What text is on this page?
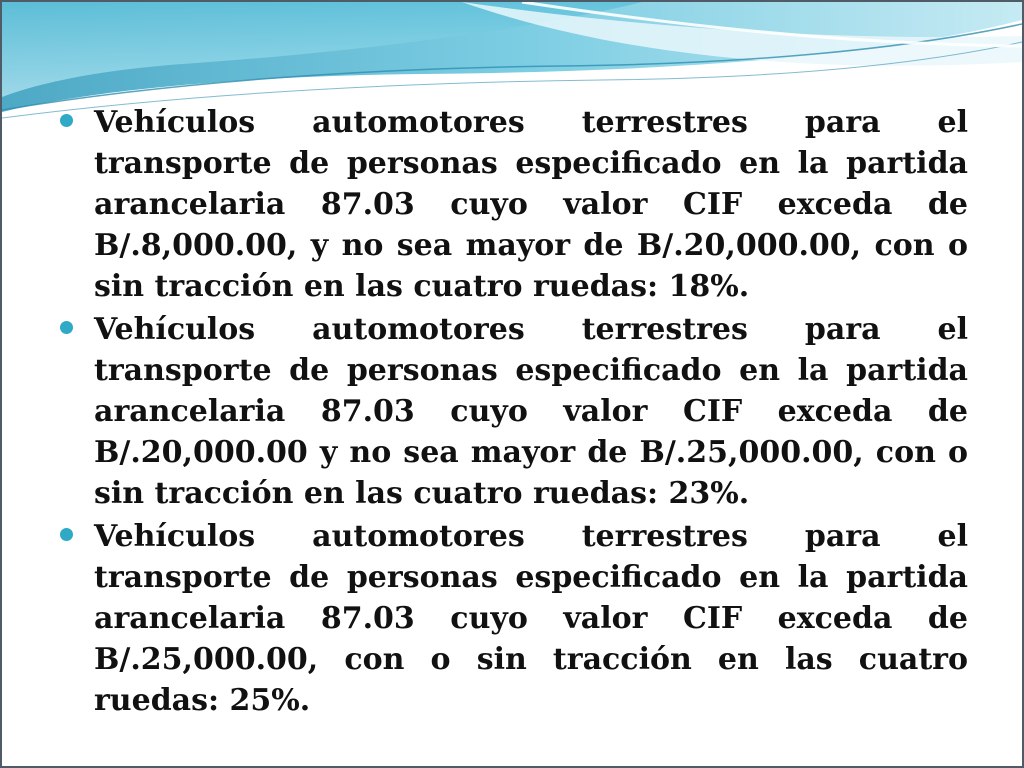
Vehículos automotores terrestres para el transporte de personas especificado en la partida arancelaria 87.03 cuyo valor CIF exceda de B/.8,000.00, y no sea mayor de B/.20,000.00, con o sin tracción en las cuatro ruedas: 18%.
Vehículos automotores terrestres para el transporte de personas especificado en la partida arancelaria 87.03 cuyo valor CIF exceda de B/.20,000.00 y no sea mayor de B/.25,000.00, con o sin tracción en las cuatro ruedas: 23%.
Vehículos automotores terrestres para el transporte de personas especificado en la partida arancelaria 87.03 cuyo valor CIF exceda de B/.25,000.00, con o sin tracción en las cuatro ruedas: 25%.
